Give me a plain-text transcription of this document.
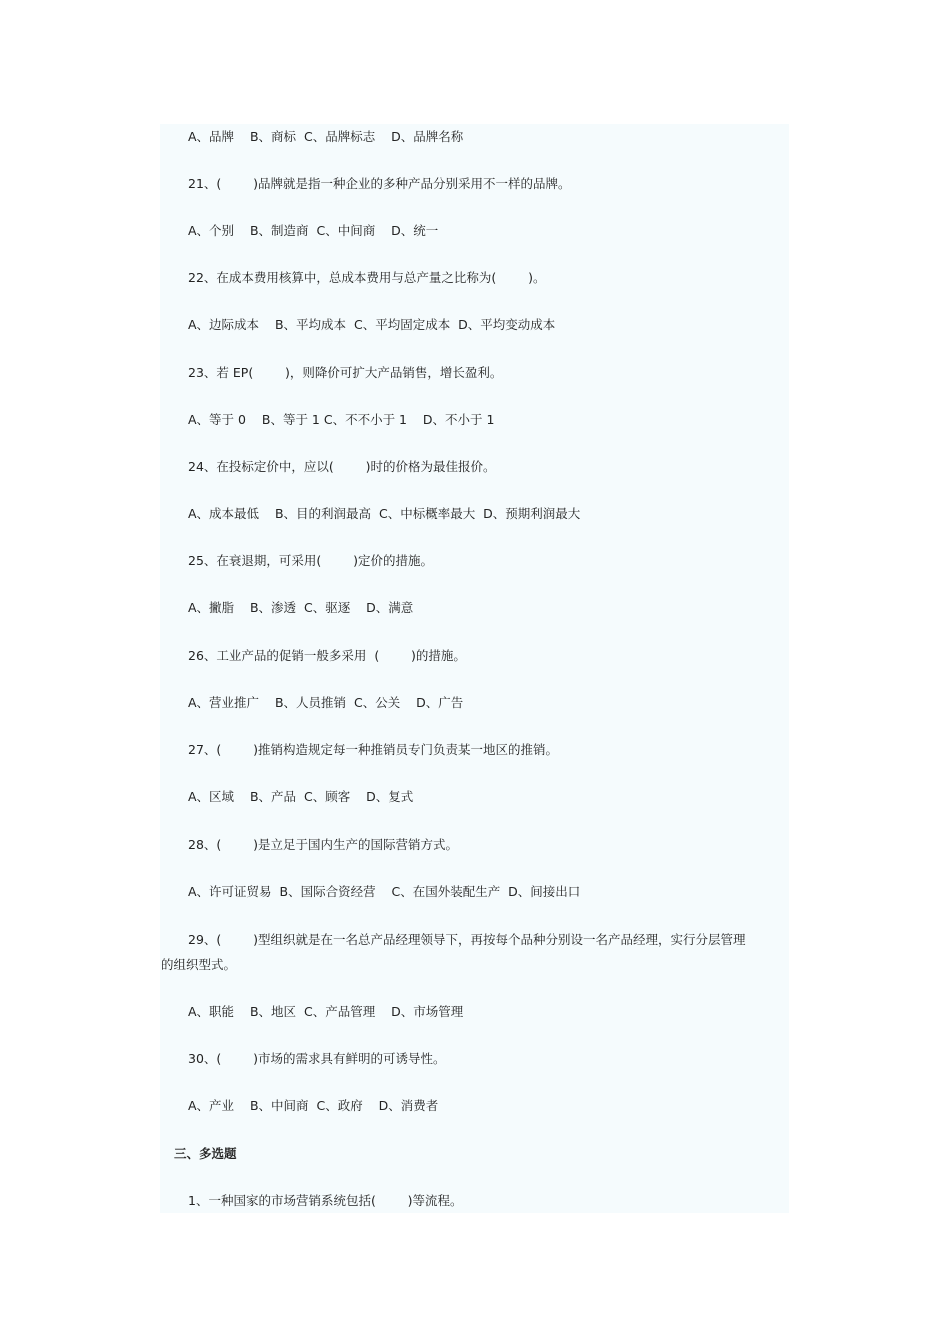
A、品牌    B、商标  C、品牌标志    D、品牌名称

21、(        )品牌就是指一种企业的多种产品分别采用不一样的品牌。

A、个别    B、制造商  C、中间商    D、统一

22、在成本费用核算中，总成本费用与总产量之比称为(        )。

A、边际成本    B、平均成本  C、平均固定成本  D、平均变动成本

23、若 EP(        )，则降价可扩大产品销售，增长盈利。

A、等于 0    B、等于 1 C、不不小于 1    D、不小于 1

24、在投标定价中，应以(        )时的价格为最佳报价。

A、成本最低    B、目的利润最高  C、中标概率最大  D、预期利润最大

25、在衰退期，可采用(        )定价的措施。

A、撇脂    B、渗透  C、驱逐    D、满意

26、工业产品的促销一般多采用  (        )的措施。

A、营业推广    B、人员推销  C、公关    D、广告

27、(        )推销构造规定每一种推销员专门负责某一地区的推销。

A、区域    B、产品  C、顾客    D、复式

28、(        )是立足于国内生产的国际营销方式。

A、许可证贸易  B、国际合资经营    C、在国外装配生产  D、间接出口

29、(        )型组织就是在一名总产品经理领导下，再按每个品种分别设一名产品经理，实行分层管理

的组织型式。

A、职能    B、地区  C、产品管理    D、市场管理

30、(        )市场的需求具有鲜明的可诱导性。

A、产业    B、中间商  C、政府    D、消费者

三、多选题

1、一种国家的市场营销系统包括(        )等流程。
